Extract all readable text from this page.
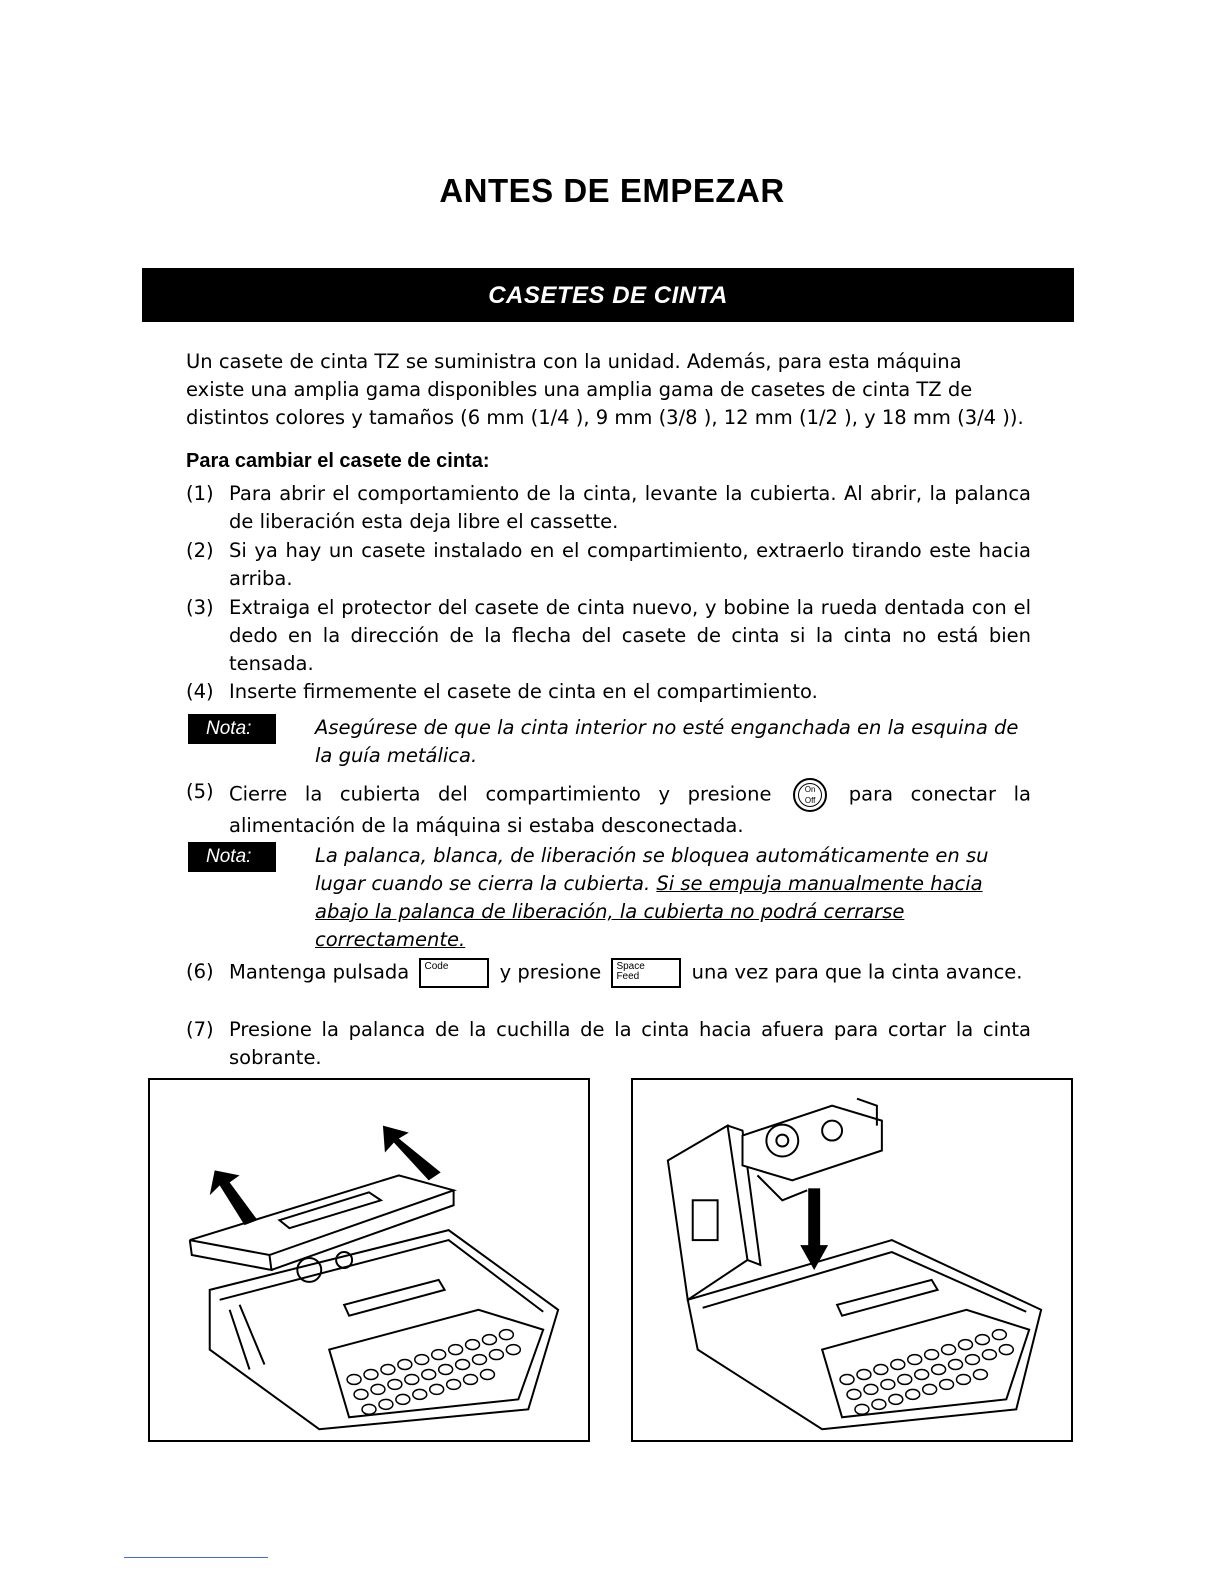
ANTES DE EMPEZAR
CASETES DE CINTA

Un casete de cinta TZ se suministra con la unidad. Además, para esta máquina

existe una amplia gama disponibles una amplia gama de casetes de cinta TZ de

distintos colores y tamaños (6 mm (1/4 ), 9 mm (3/8 ), 12 mm (1/2 ), y 18 mm (3/4 )).

Para cambiar el casete de cinta:
(1) Para abrir el comportamiento de la cinta, levante la cubierta. Al abrir, la palanca de liberación esta deja libre el cassette.
(2) Si ya hay un casete instalado en el compartimiento, extraerlo tirando este hacia arriba.
(3) Extraiga el protector del casete de cinta nuevo, y bobine la rueda dentada con el dedo en la dirección de la flecha del casete de cinta si la cinta no está bien tensada.
(4) Inserte firmemente el casete de cinta en el compartimiento.
Nota:	Asegúrese de que la cinta interior no esté enganchada en la esquina de la guía metálica.
(5) Cierre la cubierta del compartimiento y presione	On
Off	para conectar la alimentación de la máquina si estaba desconectada.
Nota:	La palanca, blanca, de liberación se bloquea automáticamente en su lugar cuando se cierra la cubierta. Si se empuja manualmente hacia abajo la palanca de liberación, la cubierta no podrá cerrarse correctamente.
(6) Mantenga pulsada Code	y presione Space
Feed	una vez para que la cinta avance.
(7) Presione la palanca de la cuchilla de la cinta hacia afuera para cortar la cinta sobrante.
